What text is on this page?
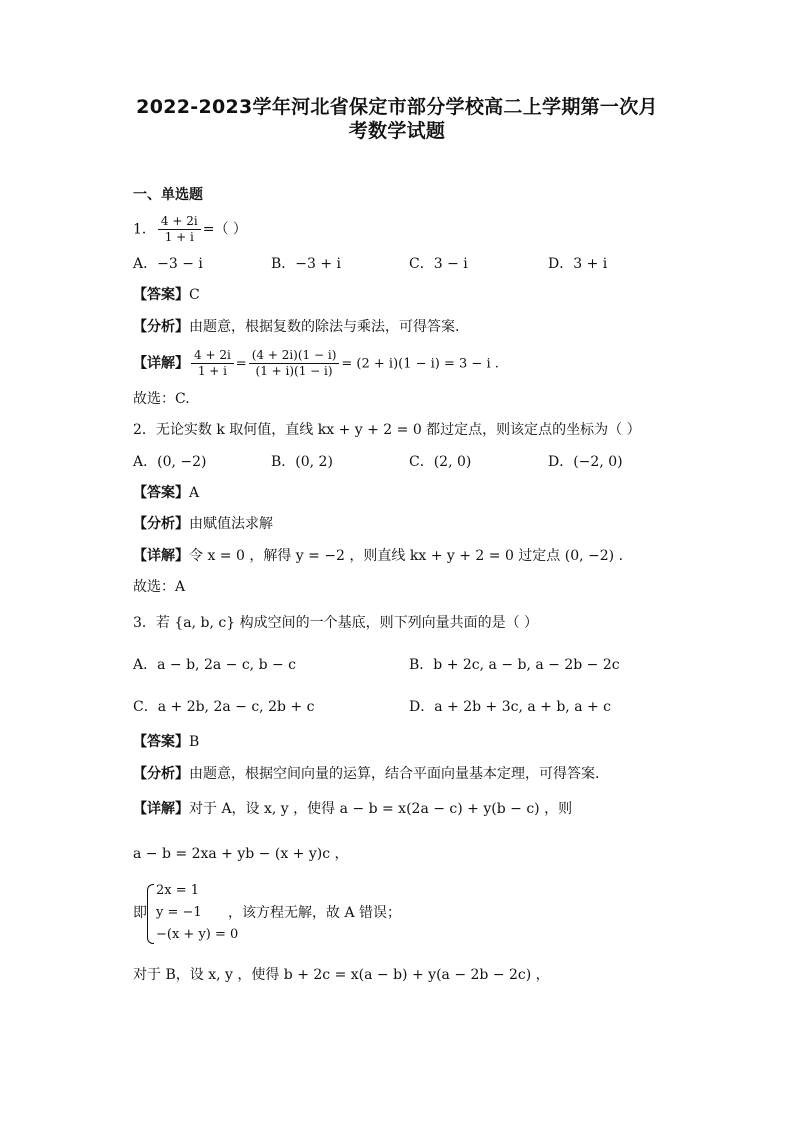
2022-2023学年河北省保定市部分学校高二上学期第一次月
考数学试题
一、单选题
1． $\frac{4 + 2i}{1 + i}$ =（ ）
A．−3 − i	B．−3 + i	C．3 − i	D．3 + i
【答案】C
【分析】由题意，根据复数的除法与乘法，可得答案.
【详解】 $\frac{4 + 2i}{1 + i} = \frac{(4 + 2i)(1 - i)}{(1 + i)(1 - i)} = (2 + i)(1 - i) = 3 - i$ .
故选：C.
2．无论实数 k 取何值，直线 kx + y + 2 = 0 都过定点，则该定点的坐标为（ ）
A．(0, −2)	B．(0, 2)	C．(2, 0)	D．(−2, 0)
【答案】A
【分析】由赋值法求解
【详解】令 x = 0 ，解得 y = −2 ，则直线 kx + y + 2 = 0 过定点 (0, −2) .
故选：A
3．若 {a, b, c} 构成空间的一个基底，则下列向量共面的是（ ）
A．a − b, 2a − c, b − c	B．b + 2c, a − b, a − 2b − 2c
C．a + 2b, 2a − c, 2b + c	D．a + 2b + 3c, a + b, a + c
【答案】B
【分析】由题意，根据空间向量的运算，结合平面向量基本定理，可得答案.
【详解】对于 A，设 x, y ，使得 a − b = x(2a − c) + y(b − c) ，则
a − b = 2xa + yb − (x + y)c ，
即
2x = 1
y = −1
−(x + y) = 0
，该方程无解，故 A 错误；
对于 B，设 x, y ，使得 b + 2c = x(a − b) + y(a − 2b − 2c) ，
